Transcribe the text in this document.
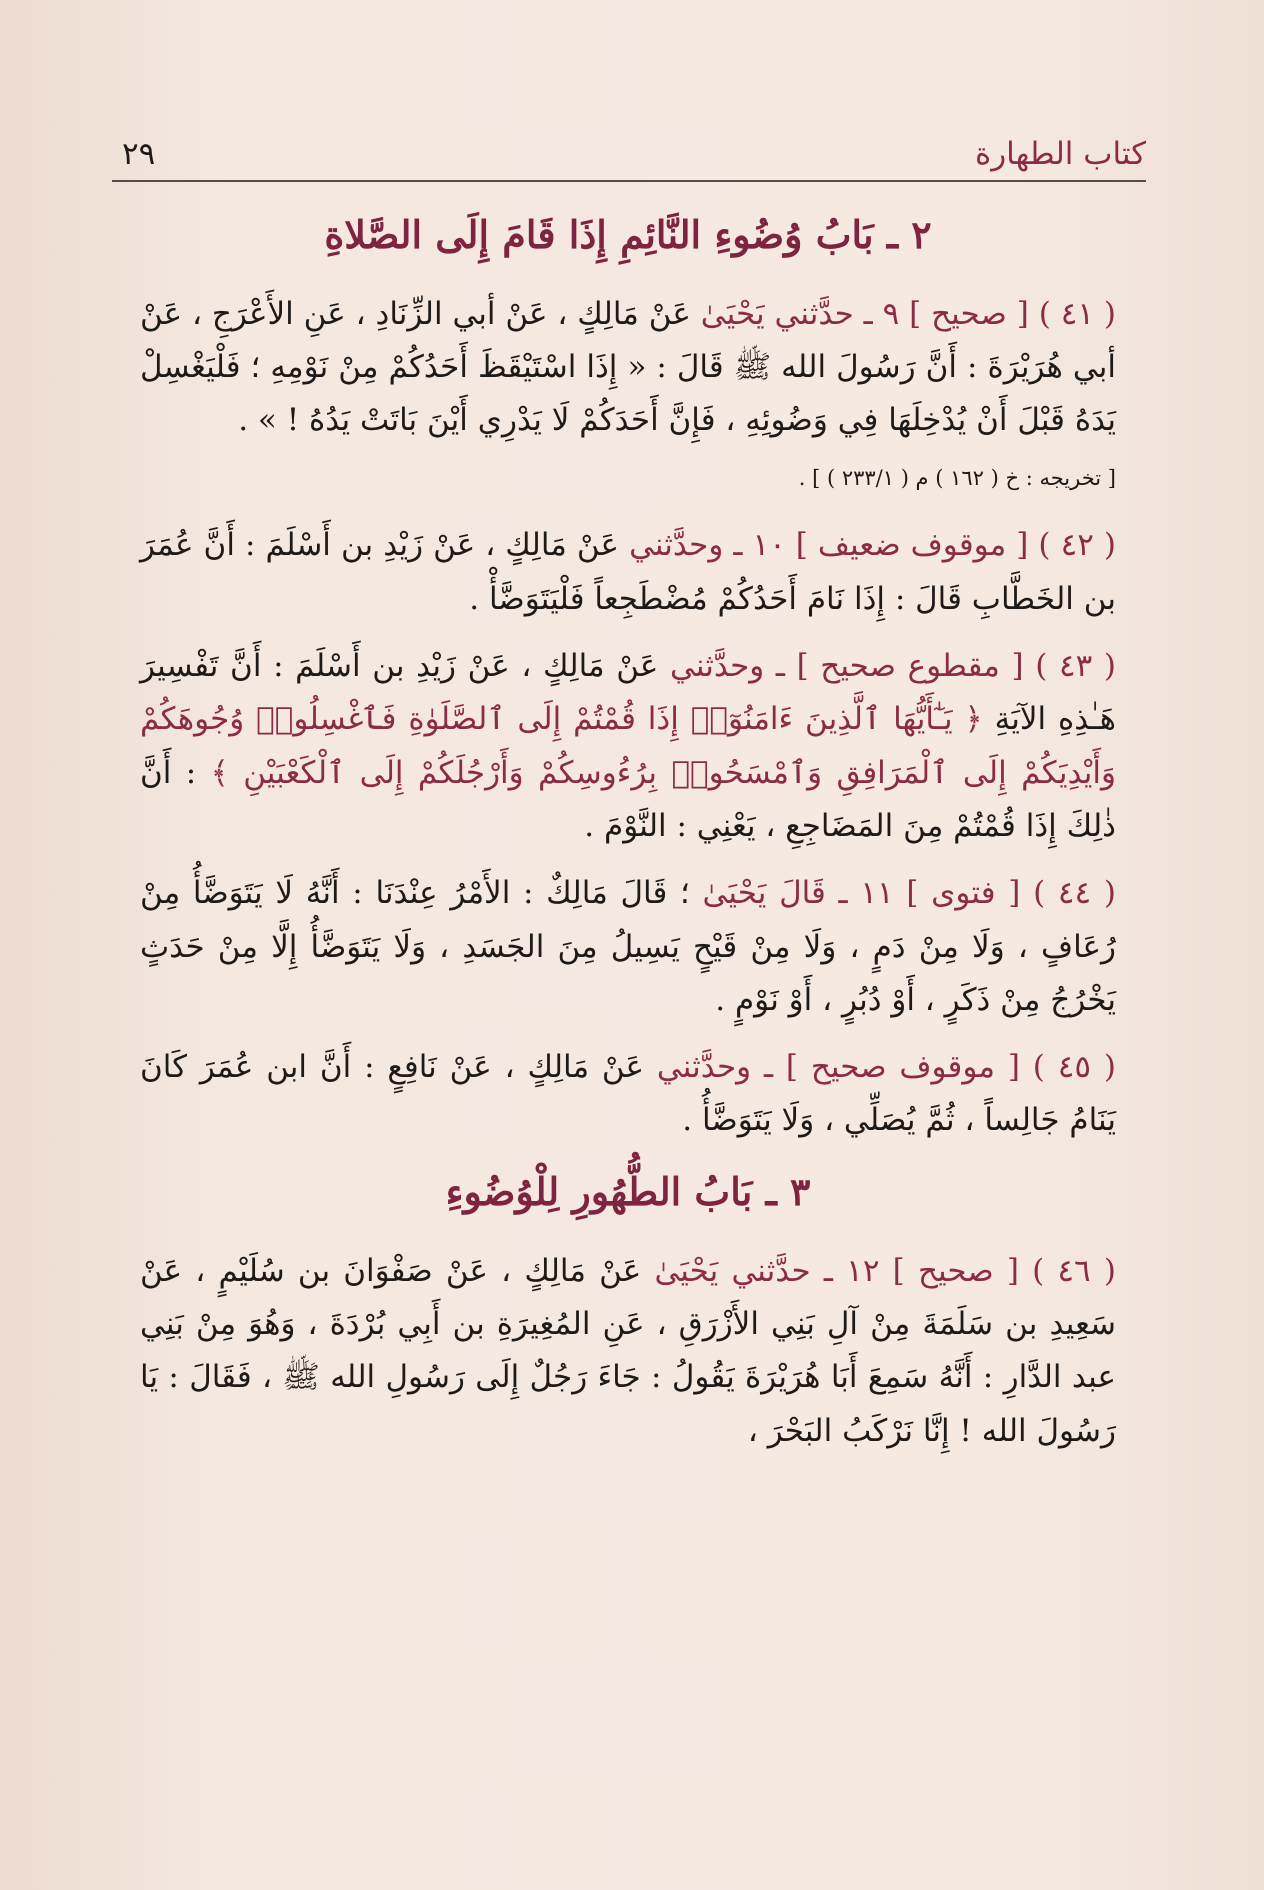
كتاب الطهارة
٢٩
٢ ـ بَابُ وُضُوءِ النَّائِمِ إِذَا قَامَ إِلَى الصَّلاةِ

( ٤١ ) [ صحيح ] ٩ ـ حدَّثني يَحْيَىٰ عَنْ مَالِكٍ ، عَنْ أبي الزِّنَادِ ، عَنِ الأَعْرَجِ ، عَنْ أبي هُرَيْرَةَ : أَنَّ رَسُولَ الله ﷺ قَالَ : « إِذَا اسْتَيْقَظَ أَحَدُكُمْ مِنْ نَوْمِهِ ؛ فَلْيَغْسِلْ يَدَهُ قَبْلَ أَنْ يُدْخِلَهَا فِي وَضُوئِهِ ، فَإِنَّ أَحَدَكُمْ لَا يَدْرِي أَيْنَ بَاتَتْ يَدُهُ ! » .

[ تخريجه : خ ( ١٦٢ ) م ( ٢٣٣/١ ) ] .

( ٤٢ ) [ موقوف ضعيف ] ١٠ ـ وحدَّثني عَنْ مَالِكٍ ، عَنْ زَيْدِ بن أَسْلَمَ : أَنَّ عُمَرَ بن الخَطَّابِ قَالَ : إِذَا نَامَ أَحَدُكُمْ مُضْطَجِعاً فَلْيَتَوَضَّأْ .

( ٤٣ ) [ مقطوع صحيح ] ـ وحدَّثني عَنْ مَالِكٍ ، عَنْ زَيْدِ بن أَسْلَمَ : أَنَّ تَفْسِيرَ هَـٰذِهِ الآيَةِ ﴿ يَـٰٓأَيُّهَا ٱلَّذِينَ ءَامَنُوٓا۟ إِذَا قُمْتُمْ إِلَى ٱلصَّلَوٰةِ فَٱغْسِلُوا۟ وُجُوهَكُمْ وَأَيْدِيَكُمْ إِلَى ٱلْمَرَافِقِ وَٱمْسَحُوا۟ بِرُءُوسِكُمْ وَأَرْجُلَكُمْ إِلَى ٱلْكَعْبَيْنِ ﴾ : أَنَّ ذٰلِكَ إِذَا قُمْتُمْ مِنَ المَضَاجِعِ ، يَعْنِي : النَّوْمَ .

( ٤٤ ) [ فتوى ] ١١ ـ قَالَ يَحْيَىٰ ؛ قَالَ مَالِكٌ : الأَمْرُ عِنْدَنَا : أَنَّهُ لَا يَتَوَضَّأُ مِنْ رُعَافٍ ، وَلَا مِنْ دَمٍ ، وَلَا مِنْ قَيْحٍ يَسِيلُ مِنَ الجَسَدِ ، وَلَا يَتَوَضَّأُ إِلَّا مِنْ حَدَثٍ يَخْرُجُ مِنْ ذَكَرٍ ، أَوْ دُبُرٍ ، أَوْ نَوْمٍ .

( ٤٥ ) [ موقوف صحيح ] ـ وحدَّثني عَنْ مَالِكٍ ، عَنْ نَافِعٍ : أَنَّ ابن عُمَرَ كَانَ يَنَامُ جَالِساً ، ثُمَّ يُصَلِّي ، وَلَا يَتَوَضَّأُ .

٣ ـ بَابُ الطُّهُورِ لِلْوُضُوءِ

( ٤٦ ) [ صحيح ] ١٢ ـ حدَّثني يَحْيَىٰ عَنْ مَالِكٍ ، عَنْ صَفْوَانَ بن سُلَيْمٍ ، عَنْ سَعِيدِ بن سَلَمَةَ مِنْ آلِ بَنِي الأَزْرَقِ ، عَنِ المُغِيرَةِ بن أَبِي بُرْدَةَ ، وَهُوَ مِنْ بَنِي عبد الدَّارِ : أَنَّهُ سَمِعَ أَبَا هُرَيْرَةَ يَقُولُ : جَاءَ رَجُلٌ إِلَى رَسُولِ الله ﷺ ، فَقَالَ : يَا رَسُولَ الله ! إِنَّا نَرْكَبُ البَحْرَ ،
